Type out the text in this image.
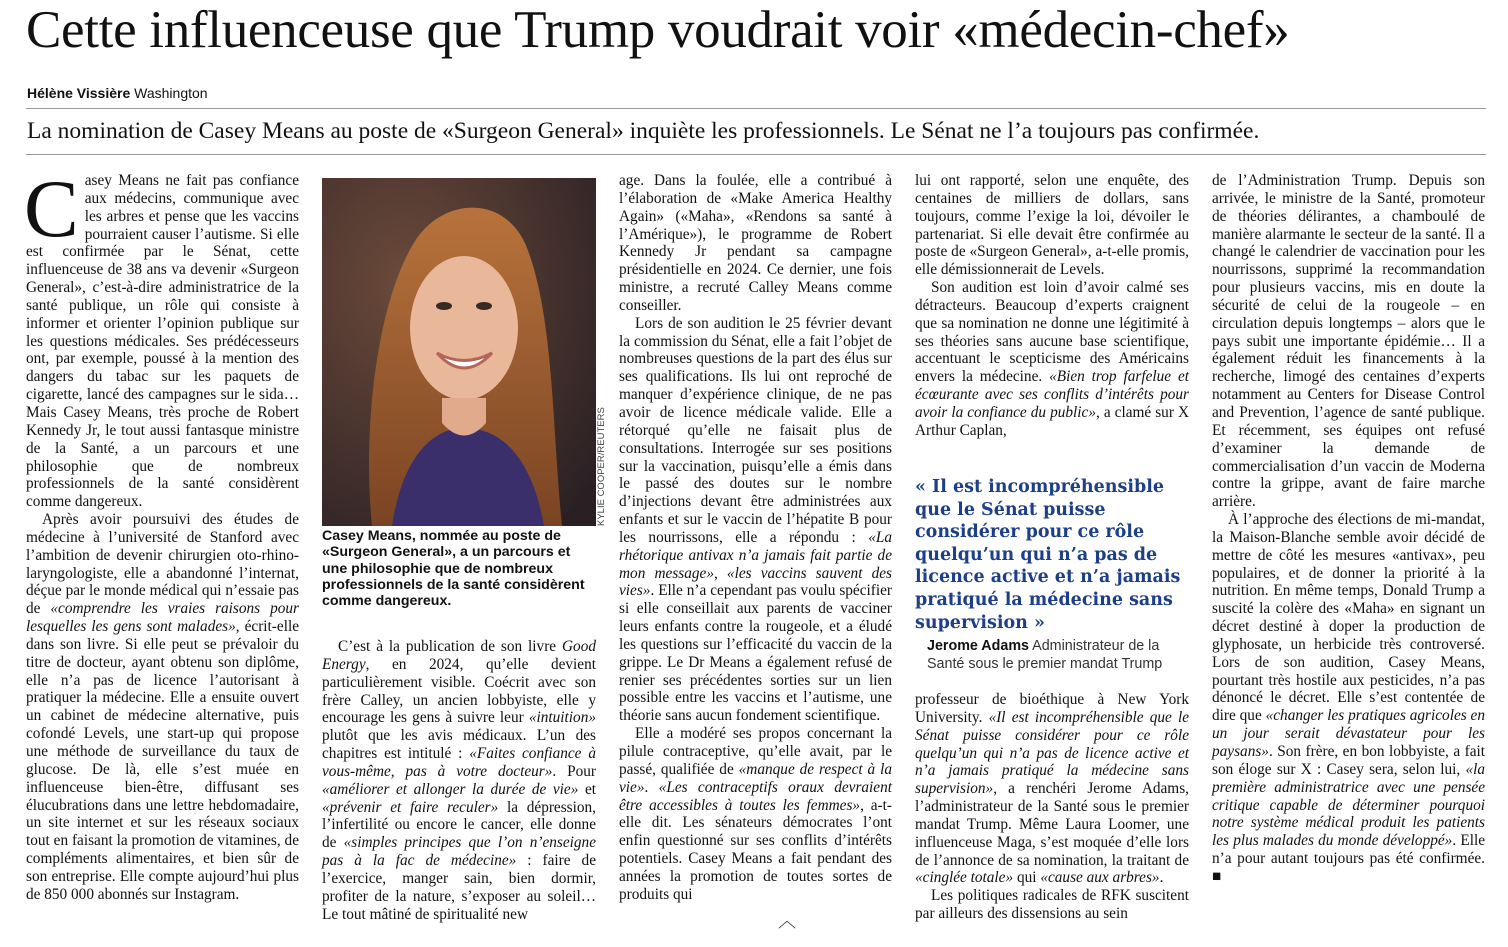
Cette influenceuse que Trump voudrait voir «médecin-chef»
Hélène Vissière Washington
La nomination de Casey Means au poste de «Surgeon General» inquiète les professionnels. Le Sénat ne l’a toujours pas confirmée.

Casey Means ne fait pas confiance aux médecins, communique avec les arbres et pense que les vaccins pourraient causer l’autisme. Si elle est confirmée par le Sénat, cette influenceuse de 38 ans va devenir «Surgeon General», c’est-à-dire administratrice de la santé publique, un rôle qui consiste à informer et orienter l’opinion publique sur les questions médicales. Ses prédécesseurs ont, par exemple, poussé à la mention des dangers du tabac sur les paquets de cigarette, lancé des campagnes sur le sida… Mais Casey Means, très proche de Robert Kennedy Jr, le tout aussi fantasque ministre de la Santé, a un parcours et une philosophie que de nombreux professionnels de la santé considèrent comme dangereux.

Après avoir poursuivi des études de médecine à l’université de Stanford avec l’ambition de devenir chirurgien oto-rhino-laryngologiste, elle a abandonné l’internat, déçue par le monde médical qui n’essaie pas de «comprendre les vraies raisons pour lesquelles les gens sont malades», écrit-elle dans son livre. Si elle peut se prévaloir du titre de docteur, ayant obtenu son diplôme, elle n’a pas de licence l’autorisant à pratiquer la médecine. Elle a ensuite ouvert un cabinet de médecine alternative, puis cofondé Levels, une start-up qui propose une méthode de surveillance du taux de glucose. De là, elle s’est muée en influenceuse bien-être, diffusant ses élucubrations dans une lettre hebdomadaire, un site internet et sur les réseaux sociaux tout en faisant la promotion de vitamines, de compléments alimentaires, et bien sûr de son entreprise. Elle compte aujourd’hui plus de 850 000 abonnés sur Instagram.

KYLIE COOPER/REUTERS
Casey Means, nommée au poste de «Surgeon General», a un parcours et une philosophie que de nombreux professionnels de la santé considèrent comme dangereux.

C’est à la publication de son livre Good Energy, en 2024, qu’elle devient particulièrement visible. Coécrit avec son frère Calley, un ancien lobbyiste, elle y encourage les gens à suivre leur «intuition» plutôt que les avis médicaux. L’un des chapitres est intitulé : «Faites confiance à vous-même, pas à votre docteur». Pour «améliorer et allonger la durée de vie» et «prévenir et faire reculer» la dépression, l’infertilité ou encore le cancer, elle donne de «simples principes que l’on n’enseigne pas à la fac de médecine» : faire de l’exercice, manger sain, bien dormir, profiter de la nature, s’exposer au soleil… Le tout mâtiné de spiritualité new

age. Dans la foulée, elle a contribué à l’élaboration de «Make America Healthy Again» («Maha», «Rendons sa santé à l’Amérique»), le programme de Robert Kennedy Jr pendant sa campagne présidentielle en 2024. Ce dernier, une fois ministre, a recruté Calley Means comme conseiller.

Lors de son audition le 25 février devant la commission du Sénat, elle a fait l’objet de nombreuses questions de la part des élus sur ses qualifications. Ils lui ont reproché de manquer d’expérience clinique, de ne pas avoir de licence médicale valide. Elle a rétorqué qu’elle ne faisait plus de consultations. Interrogée sur ses positions sur la vaccination, puisqu’elle a émis dans le passé des doutes sur le nombre d’injections devant être administrées aux enfants et sur le vaccin de l’hépatite B pour les nourrissons, elle a répondu : «La rhétorique antivax n’a jamais fait partie de mon message», «les vaccins sauvent des vies». Elle n’a cependant pas voulu spécifier si elle conseillait aux parents de vacciner leurs enfants contre la rougeole, et a éludé les questions sur l’efficacité du vaccin de la grippe. Le Dr Means a également refusé de renier ses précédentes sorties sur un lien possible entre les vaccins et l’autisme, une théorie sans aucun fondement scientifique.

Elle a modéré ses propos concernant la pilule contraceptive, qu’elle avait, par le passé, qualifiée de «manque de respect à la vie». «Les contraceptifs oraux devraient être accessibles à toutes les femmes», a-t-elle dit. Les sénateurs démocrates l’ont enfin questionné sur ses conflits d’intérêts potentiels. Casey Means a fait pendant des années la promotion de toutes sortes de produits qui

lui ont rapporté, selon une enquête, des centaines de milliers de dollars, sans toujours, comme l’exige la loi, dévoiler le partenariat. Si elle devait être confirmée au poste de «Surgeon General», a-t-elle promis, elle démissionnerait de Levels.

Son audition est loin d’avoir calmé ses détracteurs. Beaucoup d’experts craignent que sa nomination ne donne une légitimité à ses théories sans aucune base scientifique, accentuant le scepticisme des Américains envers la médecine. «Bien trop farfelue et écœurante avec ses conflits d’intérêts pour avoir la confiance du public», a clamé sur X Arthur Caplan,

« Il est incompréhensible que le Sénat puisse considérer pour ce rôle quelqu’un qui n’a pas de licence active et n’a jamais pratiqué la médecine sans supervision »
Jerome Adams Administrateur de la Santé sous le premier mandat Trump

professeur de bioéthique à New York University. «Il est incompréhensible que le Sénat puisse considérer pour ce rôle quelqu’un qui n’a pas de licence active et n’a jamais pratiqué la médecine sans supervision», a renchéri Jerome Adams, l’administrateur de la Santé sous le premier mandat Trump. Même Laura Loomer, une influenceuse Maga, s’est moquée d’elle lors de l’annonce de sa nomination, la traitant de «cinglée totale» qui «cause aux arbres».

Les politiques radicales de RFK suscitent par ailleurs des dissensions au sein

de l’Administration Trump. Depuis son arrivée, le ministre de la Santé, promoteur de théories délirantes, a chamboulé de manière alarmante le secteur de la santé. Il a changé le calendrier de vaccination pour les nourrissons, supprimé la recommandation pour plusieurs vaccins, mis en doute la sécurité de celui de la rougeole – en circulation depuis longtemps – alors que le pays subit une importante épidémie… Il a également réduit les financements à la recherche, limogé des centaines d’experts notamment au Centers for Disease Control and Prevention, l’agence de santé publique. Et récemment, ses équipes ont refusé d’examiner la demande de commercialisation d’un vaccin de Moderna contre la grippe, avant de faire marche arrière.

À l’approche des élections de mi-mandat, la Maison-Blanche semble avoir décidé de mettre de côté les mesures «antivax», peu populaires, et de donner la priorité à la nutrition. En même temps, Donald Trump a suscité la colère des «Maha» en signant un décret destiné à doper la production de glyphosate, un herbicide très controversé. Lors de son audition, Casey Means, pourtant très hostile aux pesticides, n’a pas dénoncé le décret. Elle s’est contentée de dire que «changer les pratiques agricoles en un jour serait dévastateur pour les paysans». Son frère, en bon lobbyiste, a fait son éloge sur X : Casey sera, selon lui, «la première administratrice avec une pensée critique capable de déterminer pourquoi notre système médical produit les patients les plus malades du monde développé». Elle n’a pour autant toujours pas été confirmée. ■

︿
